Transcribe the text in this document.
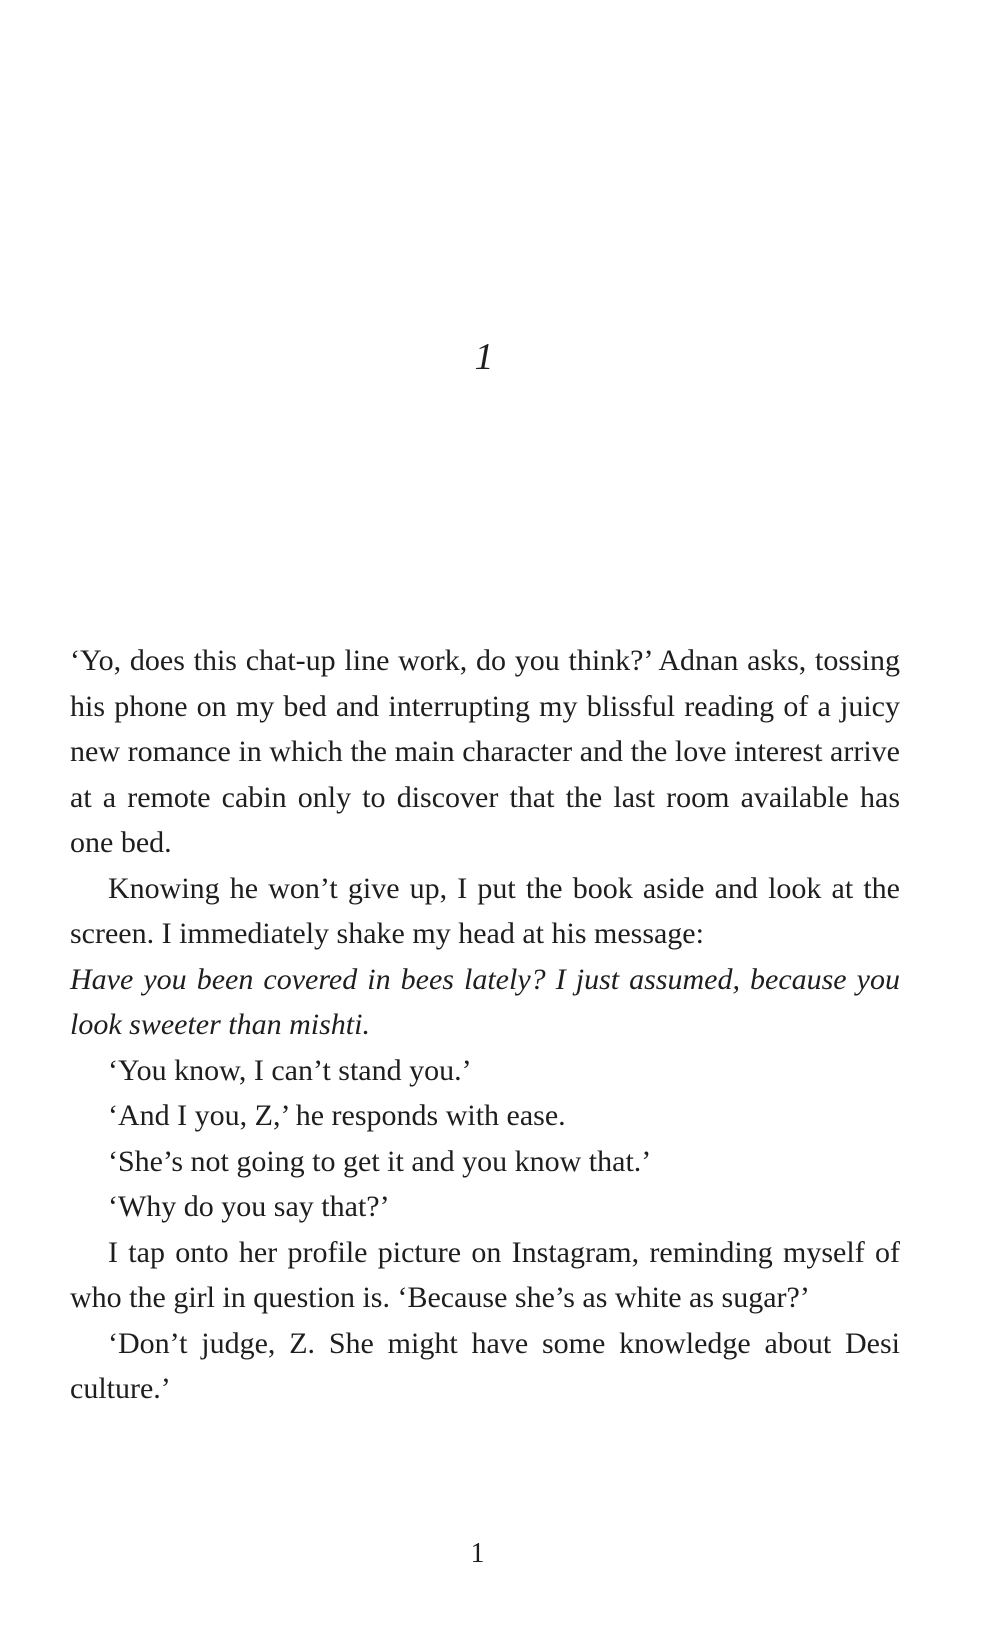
1

‘Yo, does this chat-up line work, do you think?’ Adnan asks, tossing his phone on my bed and interrupting my blissful reading of a juicy new romance in which the main character and the love interest arrive at a remote cabin only to discover that the last room available has one bed.

Knowing he won’t give up, I put the book aside and look at the screen. I immediately shake my head at his message:

Have you been covered in bees lately? I just assumed, because you look sweeter than mishti.

‘You know, I can’t stand you.’

‘And I you, Z,’ he responds with ease.

‘She’s not going to get it and you know that.’

‘Why do you say that?’

I tap onto her profile picture on Instagram, reminding myself of who the girl in question is. ‘Because she’s as white as sugar?’

‘Don’t judge, Z. She might have some knowledge about Desi culture.’

1
